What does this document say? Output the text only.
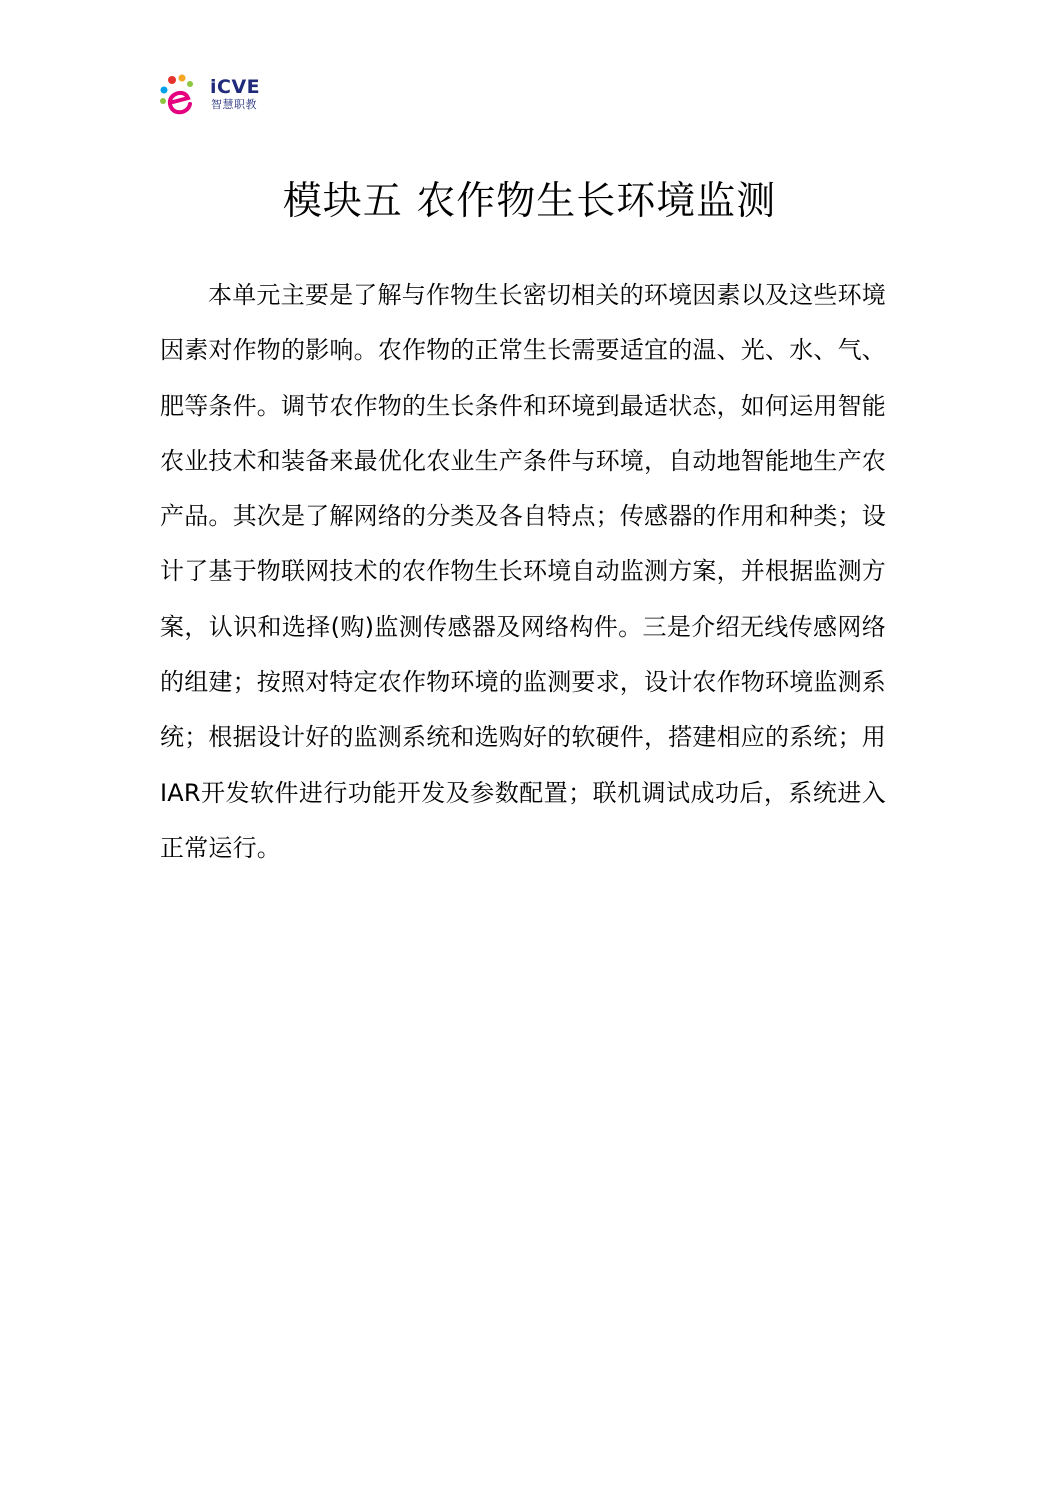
iCVE
智慧职教
模块五 农作物生长环境监测
本单元主要是了解与作物生长密切相关的环境因素以及这些环境因素对作物的影响。农作物的正常生长需要适宜的温、光、水、气、肥等条件。调节农作物的生长条件和环境到最适状态，如何运用智能农业技术和装备来最优化农业生产条件与环境，自动地智能地生产农产品。其次是了解网络的分类及各自特点；传感器的作用和种类；设计了基于物联网技术的农作物生长环境自动监测方案，并根据监测方案，认识和选择(购)监测传感器及网络构件。三是介绍无线传感网络的组建；按照对特定农作物环境的监测要求，设计农作物环境监测系统；根据设计好的监测系统和选购好的软硬件，搭建相应的系统；用IAR开发软件进行功能开发及参数配置；联机调试成功后，系统进入正常运行。
